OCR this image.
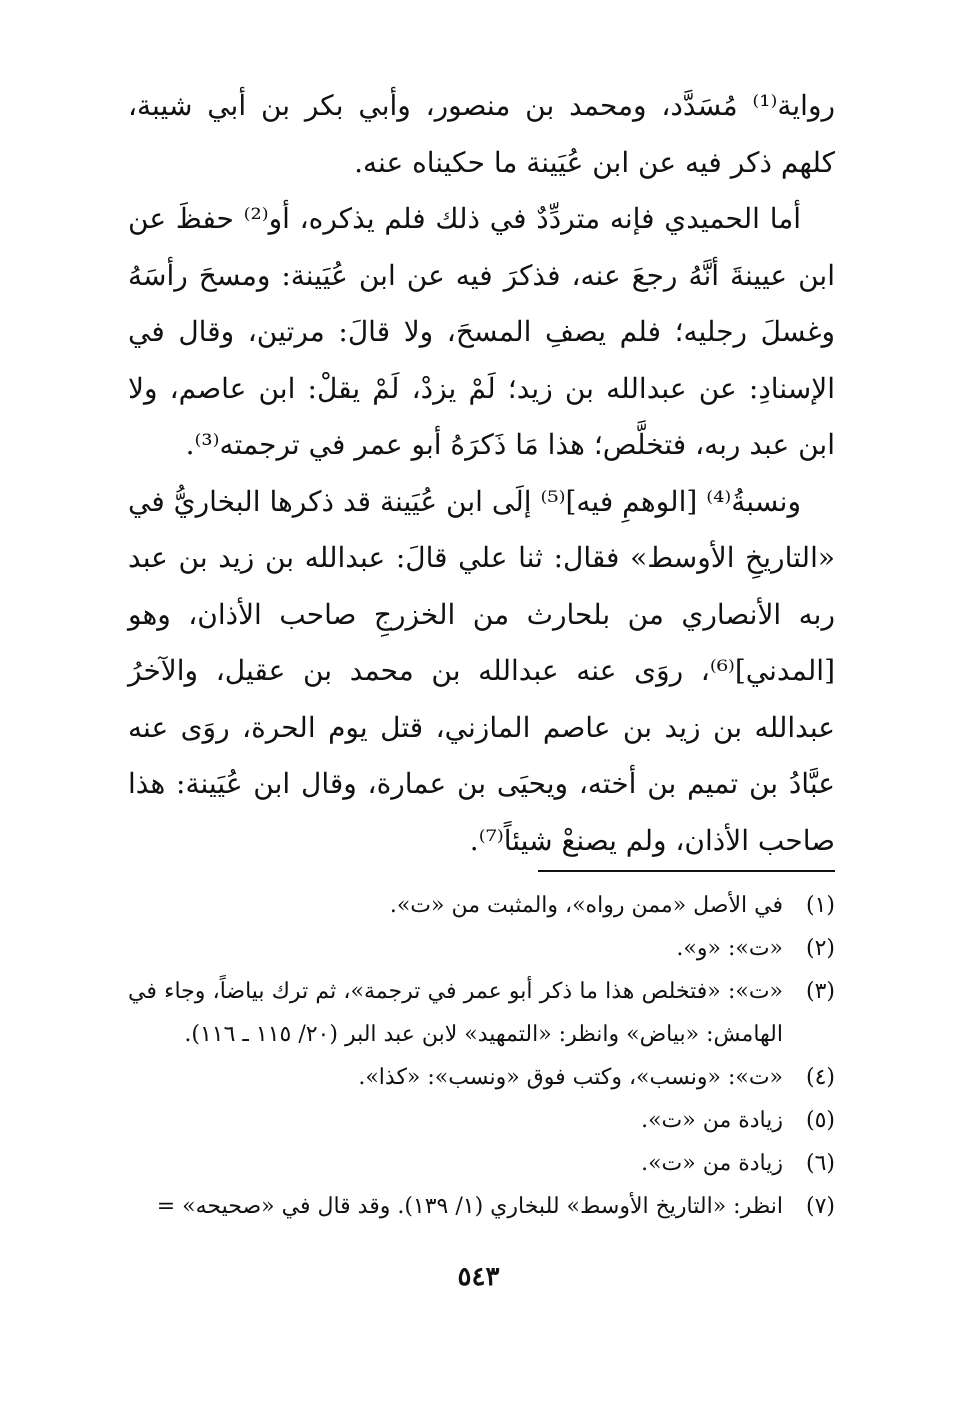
رواية⁽¹⁾ مُسَدَّد، ومحمد بن منصور، وأبي بكر بن أبي شيبة، كلهم ذكر فيه عن ابن عُيَينة ما حكيناه عنه.

أما الحميدي فإنه متردِّدٌ في ذلك فلم يذكره، أو⁽²⁾ حفظَ عن ابن عيينةَ أنَّهُ رجعَ عنه، فذكرَ فيه عن ابن عُيَينة: ومسحَ رأسَهُ وغسلَ رجليه؛ فلم يصفِ المسحَ، ولا قالَ: مرتين، وقال في الإسنادِ: عن عبدالله بن زيد؛ لَمْ يزدْ، لَمْ يقلْ: ابن عاصم، ولا ابن عبد ربه، فتخلَّص؛ هذا مَا ذَكرَهُ أبو عمر في ترجمته⁽³⁾.

ونسبةُ⁽⁴⁾ [الوهمِ فيه]⁽⁵⁾ إلَى ابن عُيَينة قد ذكرها البخاريُّ في «التاريخِ الأوسط» فقال: ثنا علي قالَ: عبدالله بن زيد بن عبد ربه الأنصاري من بلحارث من الخزرجِ صاحب الأذان، وهو [المدني]⁽⁶⁾، روَى عنه عبدالله بن محمد بن عقيل، والآخرُ عبدالله بن زيد بن عاصم المازني، قتل يوم الحرة، روَى عنه عبَّادُ بن تميم بن أخته، ويحيَى بن عمارة، وقال ابن عُيَينة: هذا صاحب الأذان، ولم يصنعْ شيئاً⁽⁷⁾.

(١)
في الأصل «ممن رواه»، والمثبت من «ت».
(٢)
«ت»: «و».
(٣)
«ت»: «فتخلص هذا ما ذكر أبو عمر في ترجمة»، ثم ترك بياضاً، وجاء في الهامش: «بياض» وانظر: «التمهيد» لابن عبد البر (٢٠/ ١١٥ ـ ١١٦).
(٤)
«ت»: «ونسب»، وكتب فوق «ونسب»: «كذا».
(٥)
زيادة من «ت».
(٦)
زيادة من «ت».
(٧)
انظر: «التاريخ الأوسط» للبخاري (١/ ١٣٩). وقد قال في «صحيحه» =
٥٤٣
